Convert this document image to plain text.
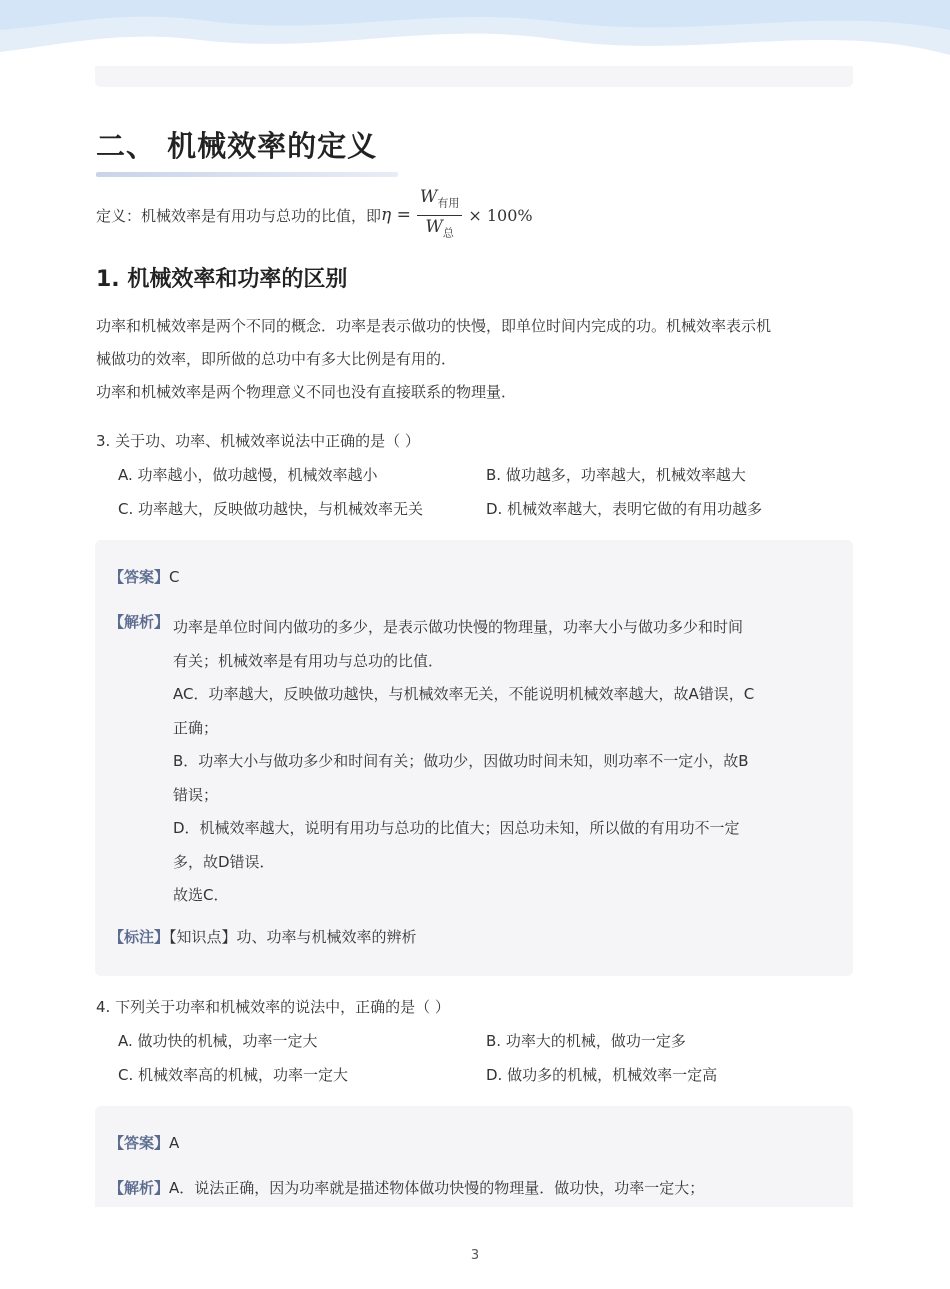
二、 机械效率的定义
定义：机械效率是有用功与总功的比值，即 $\eta = \frac{W_{有用}}{W_总} \times 100\%$
1. 机械效率和功率的区别
功率和机械效率是两个不同的概念．功率是表示做功的快慢，即单位时间内完成的功。机械效率表示机
械做功的效率，即所做的总功中有多大比例是有用的．
功率和机械效率是两个物理意义不同也没有直接联系的物理量．
3. 关于功、功率、机械效率说法中正确的是（ ）
A. 功率越小，做功越慢，机械效率越小	B. 做功越多，功率越大，机械效率越大
C. 功率越大，反映做功越快，与机械效率无关	D. 机械效率越大，表明它做的有用功越多
【答案】C
【解析】 功率是单位时间内做功的多少，是表示做功快慢的物理量，功率大小与做功多少和时间
有关；机械效率是有用功与总功的比值．
AC．功率越大，反映做功越快，与机械效率无关，不能说明机械效率越大，故A错误，C
正确；
B．功率大小与做功多少和时间有关；做功少，因做功时间未知，则功率不一定小，故B
错误；
D．机械效率越大，说明有用功与总功的比值大；因总功未知，所以做的有用功不一定
多，故D错误．
故选C．
【标注】【知识点】功、功率与机械效率的辨析
4. 下列关于功率和机械效率的说法中，正确的是（ ）
A. 做功快的机械，功率一定大	B. 功率大的机械，做功一定多
C. 机械效率高的机械，功率一定大	D. 做功多的机械，机械效率一定高
【答案】A
【解析】A．说法正确，因为功率就是描述物体做功快慢的物理量．做功快，功率一定大；
3
